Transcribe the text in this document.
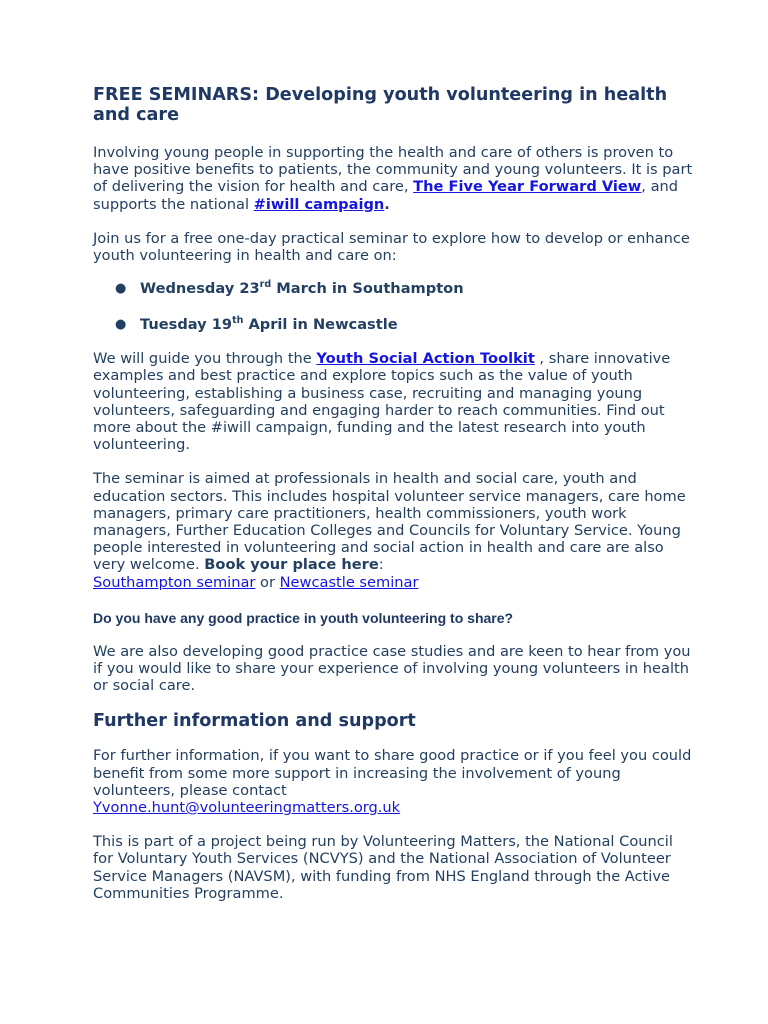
FREE SEMINARS: Developing youth volunteering in health and care

Involving young people in supporting the health and care of others is proven to have positive benefits to patients, the community and young volunteers. It is part of delivering the vision for health and care, The Five Year Forward View, and supports the national #iwill campaign.

Join us for a free one-day practical seminar to explore how to develop or enhance youth volunteering in health and care on:

● Wednesday 23rd March in Southampton
● Tuesday 19th April in Newcastle

We will guide you through the Youth Social Action Toolkit , share innovative examples and best practice and explore topics such as the value of youth volunteering, establishing a business case, recruiting and managing young volunteers, safeguarding and engaging harder to reach communities. Find out more about the #iwill campaign, funding and the latest research into youth volunteering.

The seminar is aimed at professionals in health and social care, youth and education sectors. This includes hospital volunteer service managers, care home managers, primary care practitioners, health commissioners, youth work managers, Further Education Colleges and Councils for Voluntary Service. Young people interested in volunteering and social action in health and care are also very welcome. Book your place here:
Southampton seminar or Newcastle seminar

Do you have any good practice in youth volunteering to share?

We are also developing good practice case studies and are keen to hear from you if you would like to share your experience of involving young volunteers in health or social care.

Further information and support

For further information, if you want to share good practice or if you feel you could benefit from some more support in increasing the involvement of young volunteers, please contact
Yvonne.hunt@volunteeringmatters.org.uk

This is part of a project being run by Volunteering Matters, the National Council for Voluntary Youth Services (NCVYS) and the National Association of Volunteer Service Managers (NAVSM), with funding from NHS England through the Active Communities Programme.
